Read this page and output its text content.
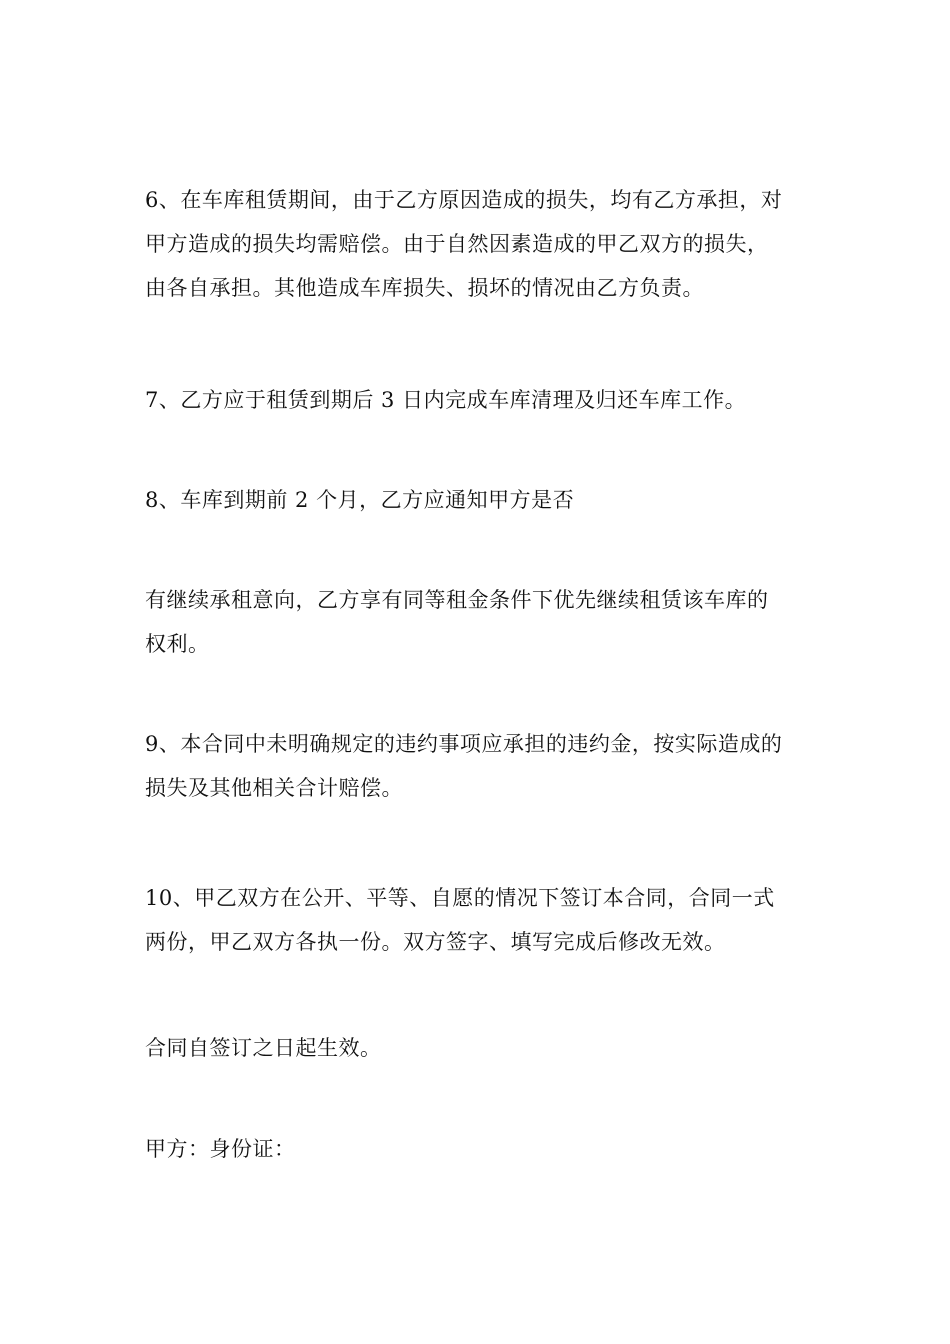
6、在车库租赁期间，由于乙方原因造成的损失，均有乙方承担，对
甲方造成的损失均需赔偿。由于自然因素造成的甲乙双方的损失，
由各自承担。其他造成车库损失、损坏的情况由乙方负责。
7、乙方应于租赁到期后 3 日内完成车库清理及归还车库工作。
8、车库到期前 2 个月，乙方应通知甲方是否
有继续承租意向，乙方享有同等租金条件下优先继续租赁该车库的
权利。
9、本合同中未明确规定的违约事项应承担的违约金，按实际造成的
损失及其他相关合计赔偿。
10、甲乙双方在公开、平等、自愿的情况下签订本合同，合同一式
两份，甲乙双方各执一份。双方签字、填写完成后修改无效。
合同自签订之日起生效。
甲方：身份证：
